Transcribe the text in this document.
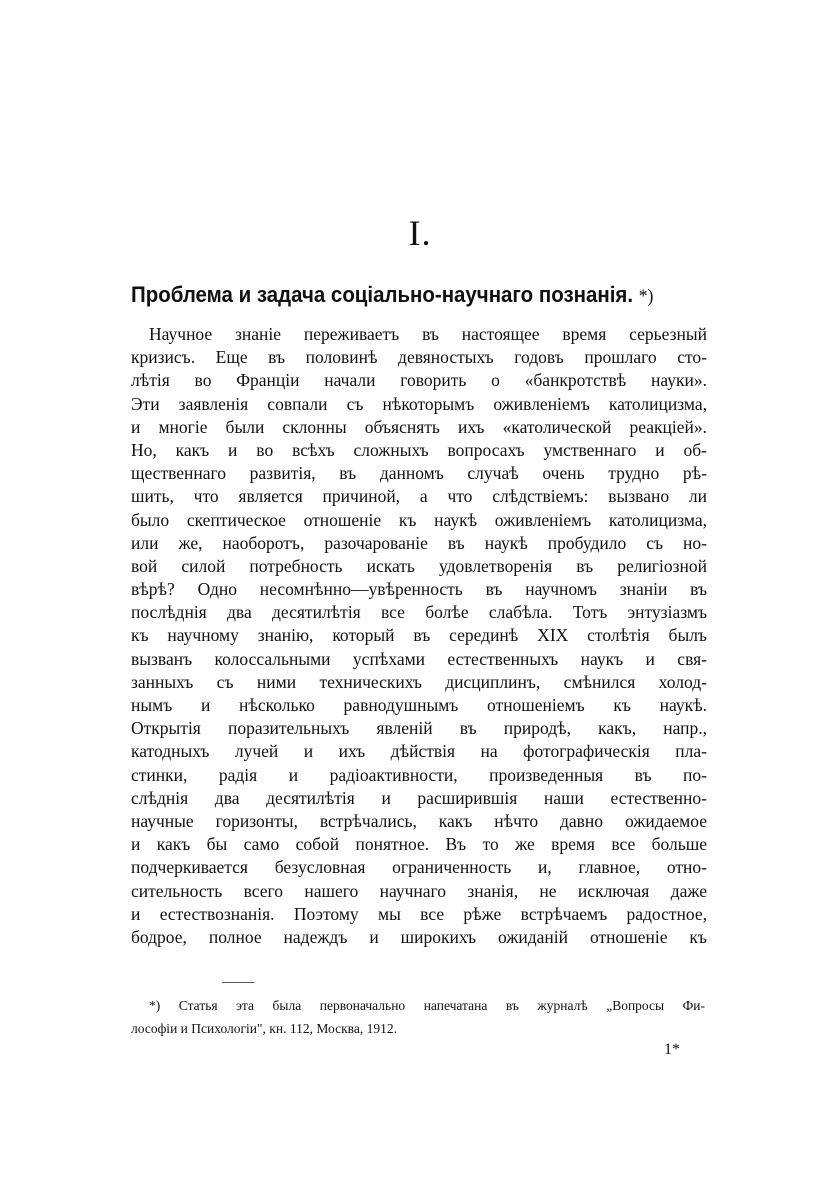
I.
Проблема и задача соціально-научнаго познанія. *)
Научное знаніе переживаетъ въ настоящее время серьезный
кризисъ. Еще въ половинѣ девяностыхъ годовъ прошлаго сто-
лѣтія во Франціи начали говорить о «банкротствѣ науки».
Эти заявленія совпали съ нѣкоторымъ оживленіемъ католицизма,
и многіе были склонны объяснять ихъ «католической реакціей».
Но, какъ и во всѣхъ сложныхъ вопросахъ умственнаго и об-
щественнаго развитія, въ данномъ случаѣ очень трудно рѣ-
шить, что является причиной, а что слѣдствіемъ: вызвано ли
было скептическое отношеніе къ наукѣ оживленіемъ католицизма,
или же, наоборотъ, разочарованіе въ наукѣ пробудило съ но-
вой силой потребность искать удовлетворенія въ религіозной
вѣрѣ? Одно несомнѣнно—увѣренность въ научномъ знаніи въ
послѣднія два десятилѣтія все болѣе слабѣла. Тотъ энтузіазмъ
къ научному знанію, который въ серединѣ XIX столѣтія былъ
вызванъ колоссальными успѣхами естественныхъ наукъ и свя-
занныхъ съ ними техническихъ дисциплинъ, смѣнился холод-
нымъ и нѣсколько равнодушнымъ отношеніемъ къ наукѣ.
Открытія поразительныхъ явленій въ природѣ, какъ, напр.,
катодныхъ лучей и ихъ дѣйствія на фотографическія пла-
стинки, радія и радіоактивности, произведенныя въ по-
слѣднія два десятилѣтія и расширившія наши естественно-
научные горизонты, встрѣчались, какъ нѣчто давно ожидаемое
и какъ бы само собой понятное. Въ то же время все больше
подчеркивается безусловная ограниченность и, главное, отно-
сительность всего нашего научнаго знанія, не исключая даже
и естествознанія. Поэтому мы все рѣже встрѣчаемъ радостное,
бодрое, полное надеждъ и широкихъ ожиданій отношеніе къ
*) Статья эта была первоначально напечатана въ журналѣ „Вопросы Фи-
лософіи и Психологіи", кн. 112, Москва, 1912.
1*
